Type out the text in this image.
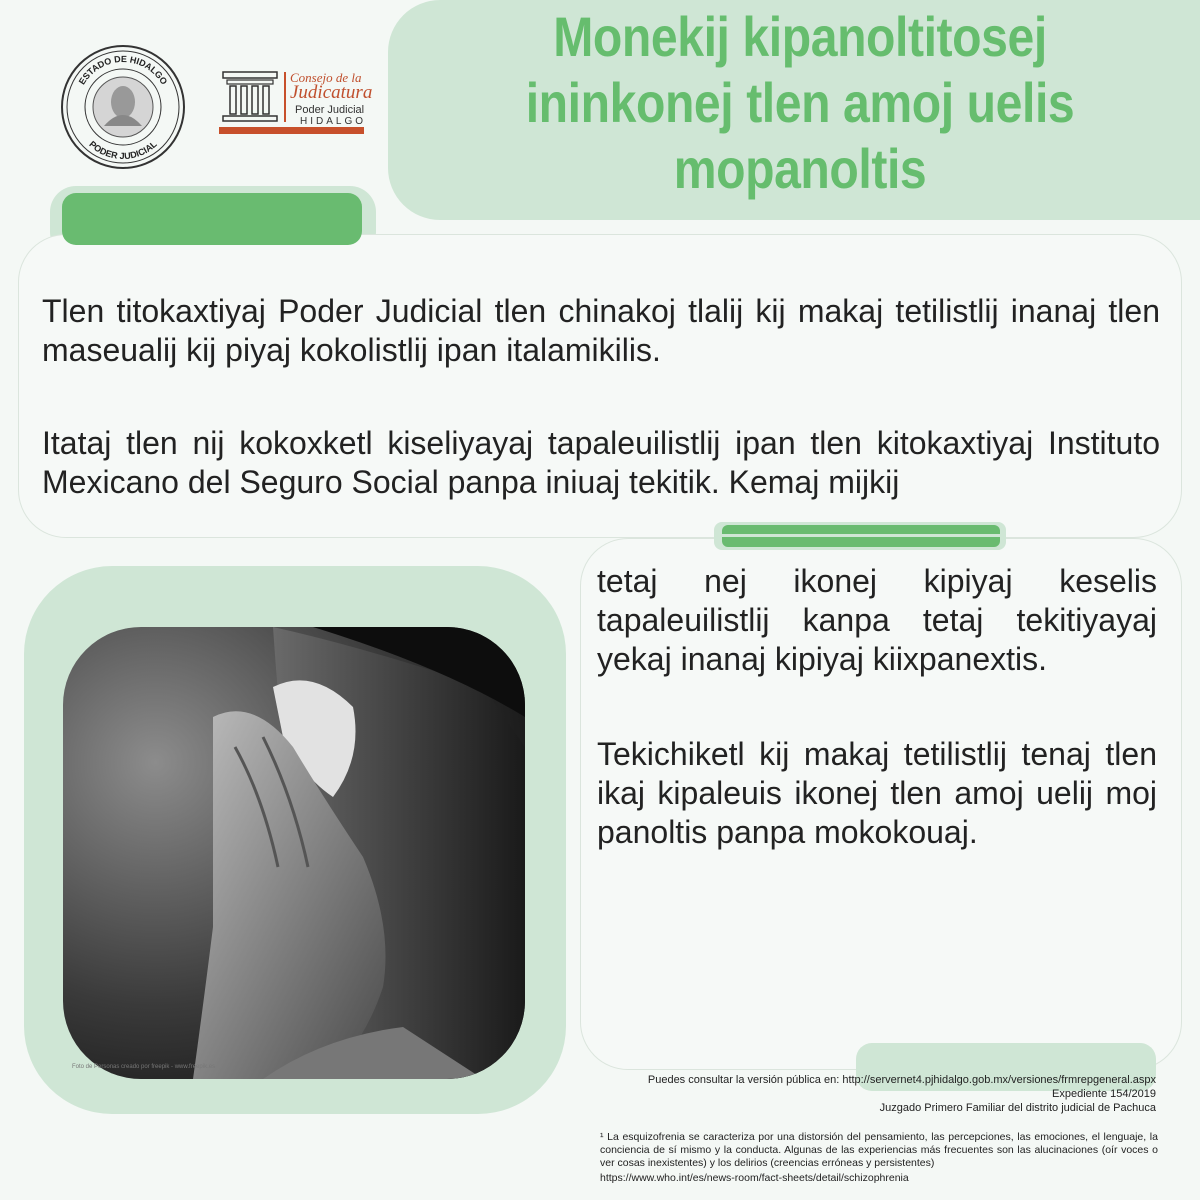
Monekij kipanoltitosej ininkonej tlen amoj uelis mopanoltis
ESTADO DE HIDALGO
PODER JUDICIAL
Consejo de la
Judicatura
Poder Judicial
HIDALGO
Tlen titokaxtiyaj Poder Judicial tlen chinakoj tlalij kij makaj tetilistlij inanaj tlen maseualij kij piyaj kokolistlij ipan italamikilis.
Itataj tlen nij kokoxketl kiseliyayaj tapaleuilistlij ipan tlen kitokaxtiyaj Instituto Mexicano del Seguro Social panpa iniuaj tekitik. Kemaj mijkij
tetaj nej ikonej kipiyaj keselis tapaleuilistlij kanpa tetaj tekitiyayaj yekaj inanaj kipiyaj kiixpanextis.
Tekichiketl kij makaj tetilistlij tenaj tlen ikaj kipaleuis ikonej tlen amoj uelij moj panoltis panpa mokokouaj.
Foto de Personas creado por freepik - www.freepik.es
Puedes consultar la versión pública en: http://servernet4.pjhidalgo.gob.mx/versiones/frmrepgeneral.aspx
Expediente 154/2019
Juzgado Primero Familiar del distrito judicial de Pachuca
¹ La esquizofrenia se caracteriza por una distorsión del pensamiento, las percepciones, las emociones, el lenguaje, la conciencia de sí mismo y la conducta. Algunas de las experiencias más frecuentes son las alucinaciones (oír voces o ver cosas inexistentes) y los delirios (creencias erróneas y persistentes)
https://www.who.int/es/news-room/fact-sheets/detail/schizophrenia
